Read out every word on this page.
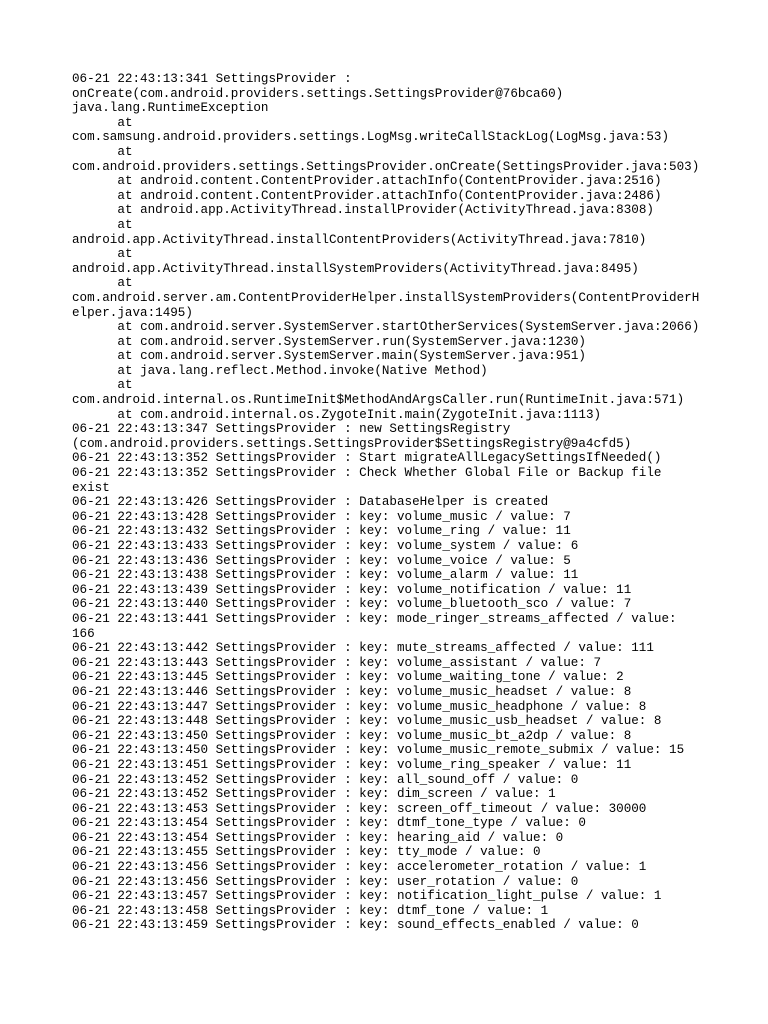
06-21 22:43:13:341 SettingsProvider :
onCreate(com.android.providers.settings.SettingsProvider@76bca60)
java.lang.RuntimeException
at
com.samsung.android.providers.settings.LogMsg.writeCallStackLog(LogMsg.java:53)
at
com.android.providers.settings.SettingsProvider.onCreate(SettingsProvider.java:503)
at android.content.ContentProvider.attachInfo(ContentProvider.java:2516)
at android.content.ContentProvider.attachInfo(ContentProvider.java:2486)
at android.app.ActivityThread.installProvider(ActivityThread.java:8308)
at
android.app.ActivityThread.installContentProviders(ActivityThread.java:7810)
at
android.app.ActivityThread.installSystemProviders(ActivityThread.java:8495)
at
com.android.server.am.ContentProviderHelper.installSystemProviders(ContentProviderH
elper.java:1495)
at com.android.server.SystemServer.startOtherServices(SystemServer.java:2066)
at com.android.server.SystemServer.run(SystemServer.java:1230)
at com.android.server.SystemServer.main(SystemServer.java:951)
at java.lang.reflect.Method.invoke(Native Method)
at
com.android.internal.os.RuntimeInit$MethodAndArgsCaller.run(RuntimeInit.java:571)
at com.android.internal.os.ZygoteInit.main(ZygoteInit.java:1113)
06-21 22:43:13:347 SettingsProvider : new SettingsRegistry
(com.android.providers.settings.SettingsProvider$SettingsRegistry@9a4cfd5)
06-21 22:43:13:352 SettingsProvider : Start migrateAllLegacySettingsIfNeeded()
06-21 22:43:13:352 SettingsProvider : Check Whether Global File or Backup file
exist
06-21 22:43:13:426 SettingsProvider : DatabaseHelper is created
06-21 22:43:13:428 SettingsProvider : key: volume_music / value: 7
06-21 22:43:13:432 SettingsProvider : key: volume_ring / value: 11
06-21 22:43:13:433 SettingsProvider : key: volume_system / value: 6
06-21 22:43:13:436 SettingsProvider : key: volume_voice / value: 5
06-21 22:43:13:438 SettingsProvider : key: volume_alarm / value: 11
06-21 22:43:13:439 SettingsProvider : key: volume_notification / value: 11
06-21 22:43:13:440 SettingsProvider : key: volume_bluetooth_sco / value: 7
06-21 22:43:13:441 SettingsProvider : key: mode_ringer_streams_affected / value:
166
06-21 22:43:13:442 SettingsProvider : key: mute_streams_affected / value: 111
06-21 22:43:13:443 SettingsProvider : key: volume_assistant / value: 7
06-21 22:43:13:445 SettingsProvider : key: volume_waiting_tone / value: 2
06-21 22:43:13:446 SettingsProvider : key: volume_music_headset / value: 8
06-21 22:43:13:447 SettingsProvider : key: volume_music_headphone / value: 8
06-21 22:43:13:448 SettingsProvider : key: volume_music_usb_headset / value: 8
06-21 22:43:13:450 SettingsProvider : key: volume_music_bt_a2dp / value: 8
06-21 22:43:13:450 SettingsProvider : key: volume_music_remote_submix / value: 15
06-21 22:43:13:451 SettingsProvider : key: volume_ring_speaker / value: 11
06-21 22:43:13:452 SettingsProvider : key: all_sound_off / value: 0
06-21 22:43:13:452 SettingsProvider : key: dim_screen / value: 1
06-21 22:43:13:453 SettingsProvider : key: screen_off_timeout / value: 30000
06-21 22:43:13:454 SettingsProvider : key: dtmf_tone_type / value: 0
06-21 22:43:13:454 SettingsProvider : key: hearing_aid / value: 0
06-21 22:43:13:455 SettingsProvider : key: tty_mode / value: 0
06-21 22:43:13:456 SettingsProvider : key: accelerometer_rotation / value: 1
06-21 22:43:13:456 SettingsProvider : key: user_rotation / value: 0
06-21 22:43:13:457 SettingsProvider : key: notification_light_pulse / value: 1
06-21 22:43:13:458 SettingsProvider : key: dtmf_tone / value: 1
06-21 22:43:13:459 SettingsProvider : key: sound_effects_enabled / value: 0
